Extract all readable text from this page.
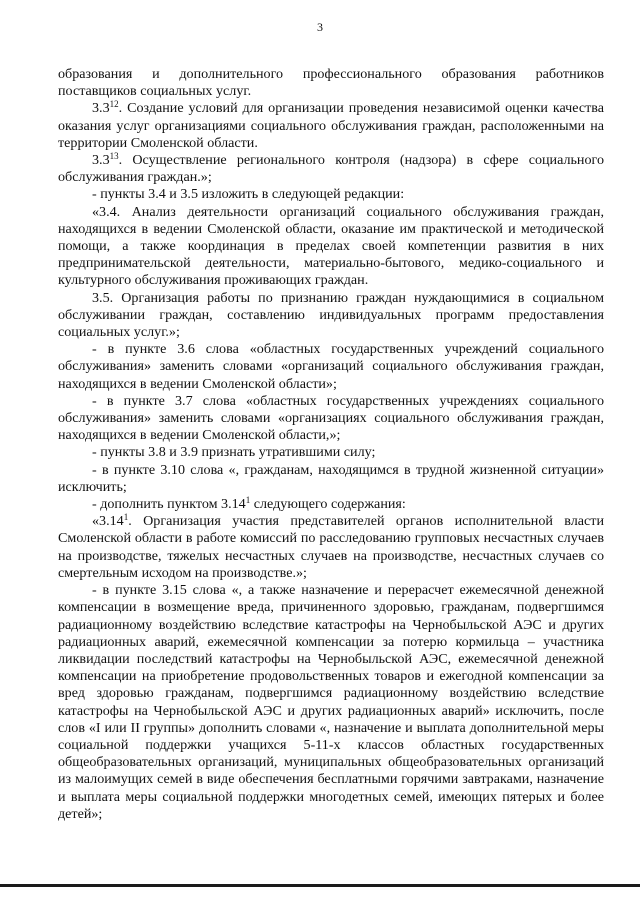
3

образования и дополнительного профессионального образования работников поставщиков социальных услуг.

$3.3^{12}$. Создание условий для организации проведения независимой оценки качества оказания услуг организациями социального обслуживания граждан, расположенными на территории Смоленской области.

$3.3^{13}$. Осуществление регионального контроля (надзора) в сфере социального обслуживания граждан.»;

- пункты 3.4 и 3.5 изложить в следующей редакции:

«3.4. Анализ деятельности организаций социального обслуживания граждан, находящихся в ведении Смоленской области, оказание им практической и методической помощи, а также координация в пределах своей компетенции развития в них предпринимательской деятельности, материально-бытового, медико-социального и культурного обслуживания проживающих граждан.

3.5. Организация работы по признанию граждан нуждающимися в социальном обслуживании граждан, составлению индивидуальных программ предоставления социальных услуг.»;

- в пункте 3.6 слова «областных государственных учреждений социального обслуживания» заменить словами «организаций социального обслуживания граждан, находящихся в ведении Смоленской области»;

- в пункте 3.7 слова «областных государственных учреждениях социального обслуживания» заменить словами «организациях социального обслуживания граждан, находящихся в ведении Смоленской области,»;

- пункты 3.8 и 3.9 признать утратившими силу;

- в пункте 3.10 слова «, гражданам, находящимся в трудной жизненной ситуации» исключить;

- дополнить пунктом 3.14$^1$ следующего содержания:

«3.14$^1$. Организация участия представителей органов исполнительной власти Смоленской области в работе комиссий по расследованию групповых несчастных случаев на производстве, тяжелых несчастных случаев на производстве, несчастных случаев со смертельным исходом на производстве.»;

- в пункте 3.15 слова «, а также назначение и перерасчет ежемесячной денежной компенсации в возмещение вреда, причиненного здоровью, гражданам, подвергшимся радиационному воздействию вследствие катастрофы на Чернобыльской АЭС и других радиационных аварий, ежемесячной компенсации за потерю кормильца – участника ликвидации последствий катастрофы на Чернобыльской АЭС, ежемесячной денежной компенсации на приобретение продовольственных товаров и ежегодной компенсации за вред здоровью гражданам, подвергшимся радиационному воздействию вследствие катастрофы на Чернобыльской АЭС и других радиационных аварий» исключить, после слов «I или II группы» дополнить словами «, назначение и выплата дополнительной меры социальной поддержки учащихся 5-11-х классов областных государственных общеобразовательных организаций, муниципальных общеобразовательных организаций из малоимущих семей в виде обеспечения бесплатными горячими завтраками, назначение и выплата меры социальной поддержки многодетных семей, имеющих пятерых и более детей»;
